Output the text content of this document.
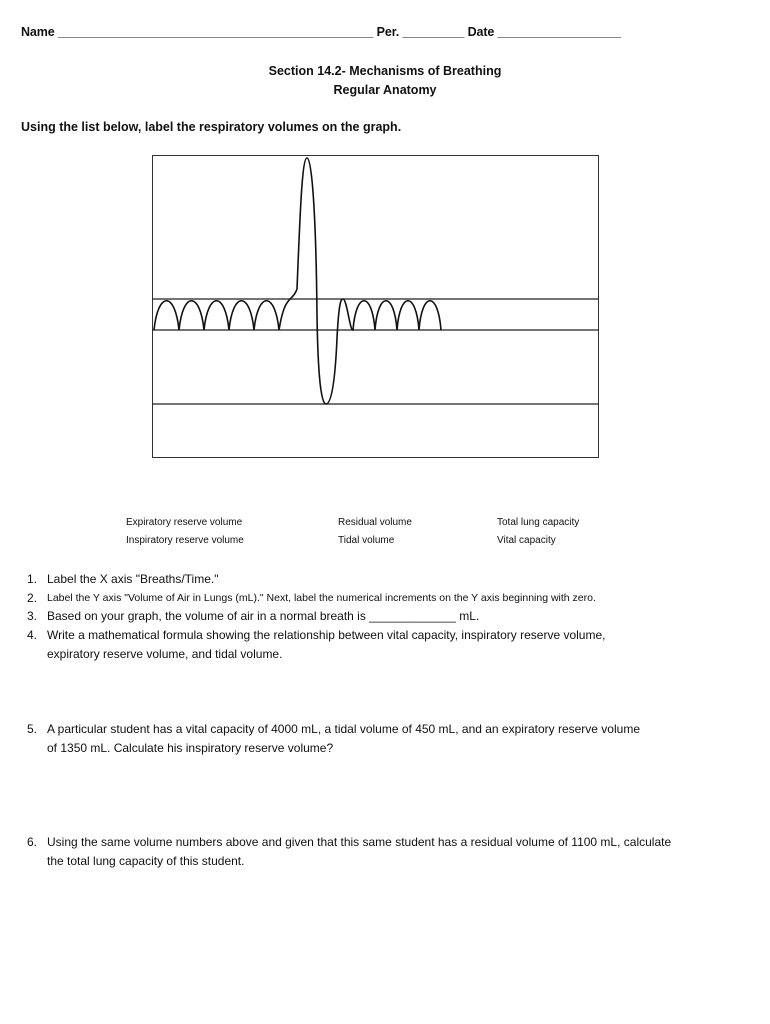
Name ______________________________________________ Per. _________ Date __________________
Section 14.2- Mechanisms of Breathing
Regular Anatomy
Using the list below, label the respiratory volumes on the graph.
Expiratory reserve volume	Residual volume	Total lung capacity
Inspiratory reserve volume	Tidal volume	Vital capacity
1. Label the X axis "Breaths/Time."
2. Label the Y axis "Volume of Air in Lungs (mL)." Next, label the numerical increments on the Y axis beginning with zero.
3. Based on your graph, the volume of air in a normal breath is _____________ mL.
4. Write a mathematical formula showing the relationship between vital capacity, inspiratory reserve volume,
expiratory reserve volume, and tidal volume.
5. A particular student has a vital capacity of 4000 mL, a tidal volume of 450 mL, and an expiratory reserve volume
of 1350 mL. Calculate his inspiratory reserve volume?
6. Using the same volume numbers above and given that this same student has a residual volume of 1100 mL, calculate
the total lung capacity of this student.
